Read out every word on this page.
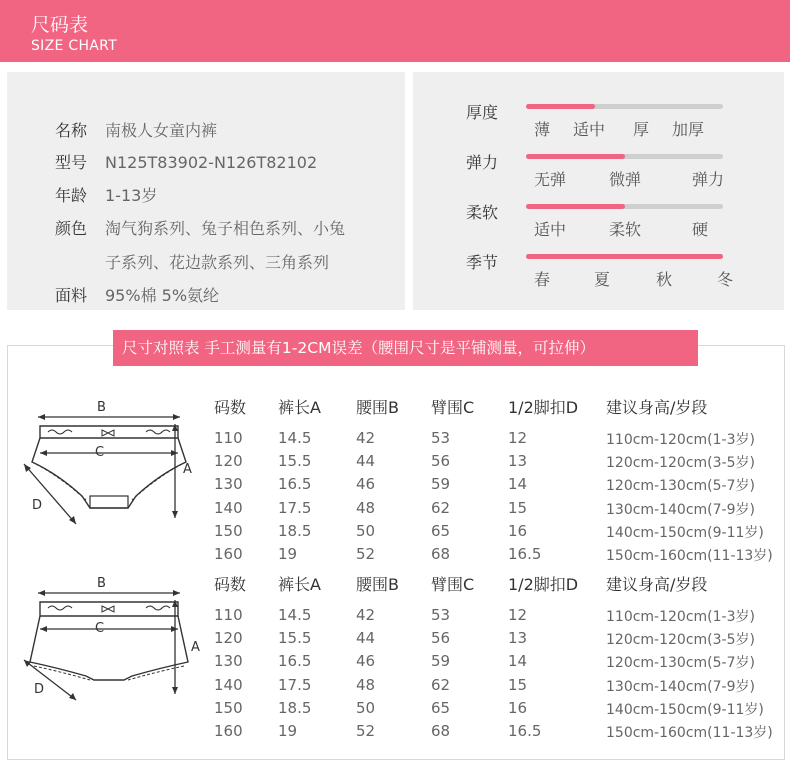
尺码表
SIZE CHART
名称 南极人女童内裤
型号 N125T83902-N126T82102
年龄 1-13岁
颜色 淘气狗系列、兔子相色系列、小兔
子系列、花边款系列、三角系列
面料 95%棉 5%氨纶
厚度
薄 适中 厚 加厚
弹力
无弹	微弹	弹力
柔软
适中	柔软	硬
季节
春	夏	秋	冬
尺寸对照表 手工测量有1-2CM误差（腰围尺寸是平铺测量，可拉伸）
码数 裤长A 腰围B 臂围C 1/2脚扣D 建议身高/岁段
110 14.5	42	53	12	110cm-120cm(1-3岁)
120 15.5	44	56	13	120cm-120cm(3-5岁)
130 16.5	46	59	14	120cm-130cm(5-7岁)
140 17.5	48	62	15	130cm-140cm(7-9岁)
150 18.5	50	65	16	140cm-150cm(9-11岁)
160 19	52	68	16.5	150cm-160cm(11-13岁)
码数 裤长A 腰围B 臂围C 1/2脚扣D 建议身高/岁段
110 14.5	42	53	12	110cm-120cm(1-3岁)
120 15.5	44	56	13	120cm-120cm(3-5岁)
130 16.5	46	59	14	120cm-130cm(5-7岁)
140 17.5	48	62	15	130cm-140cm(7-9岁)
150 18.5	50	65	16	140cm-150cm(9-11岁)
160 19	52	68	16.5	150cm-160cm(11-13岁)
B
C
A
D
B
C
A
D
